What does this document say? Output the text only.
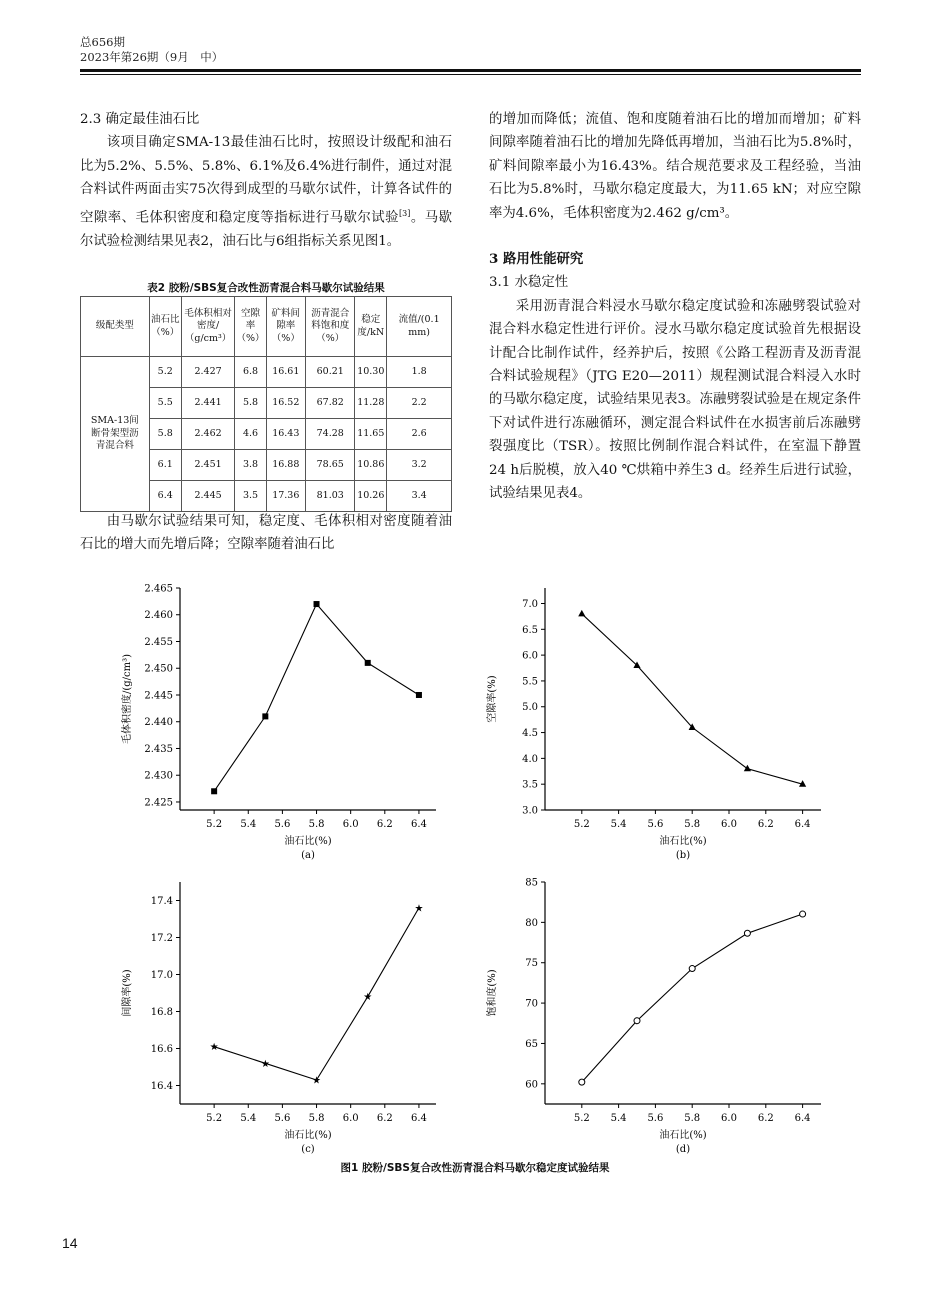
总656期
2023年第26期（9月　中）

2.3 确定最佳油石比

该项目确定SMA-13最佳油石比时，按照设计级配和油石比为5.2%、5.5%、5.8%、6.1%及6.4%进行制件，通过对混合料试件两面击实75次得到成型的马歇尔试件，计算各试件的空隙率、毛体积密度和稳定度等指标进行马歇尔试验[3]。马歇尔试验检测结果见表2，油石比与6组指标关系见图1。

表2 胶粉/SBS复合改性沥青混合料马歇尔试验结果
级配类型	油石比（%）	毛体积相对密度/（g/cm³）	空隙率（%）	矿料间隙率（%）	沥青混合料饱和度（%）	稳定度/kN	流值/(0.1 mm)
SMA-13间断骨架型沥青混合料	5.2	2.427	6.8	16.61	60.21	10.30	1.8
	5.5	2.441	5.8	16.52	67.82	11.28	2.2
	5.8	2.462	4.6	16.43	74.28	11.65	2.6
	6.1	2.451	3.8	16.88	78.65	10.86	3.2
	6.4	2.445	3.5	17.36	81.03	10.26	3.4

由马歇尔试验结果可知，稳定度、毛体积相对密度随着油石比的增大而先增后降；空隙率随着油石比

的增加而降低；流值、饱和度随着油石比的增加而增加；矿料间隙率随着油石比的增加先降低再增加，当油石比为5.8%时，矿料间隙率最小为16.43%。结合规范要求及工程经验，当油石比为5.8%时，马歇尔稳定度最大，为11.65 kN；对应空隙率为4.6%，毛体积密度为2.462 g/cm³。

3 路用性能研究

3.1 水稳定性

采用沥青混合料浸水马歇尔稳定度试验和冻融劈裂试验对混合料水稳定性进行评价。浸水马歇尔稳定度试验首先根据设计配合比制作试件，经养护后，按照《公路工程沥青及沥青混合料试验规程》（JTG E20—2011）规程测试混合料浸入水时的马歇尔稳定度，试验结果见表3。冻融劈裂试验是在规定条件下对试件进行冻融循环，测定混合料试件在水损害前后冻融劈裂强度比（TSR）。按照比例制作混合料试件，在室温下静置24 h后脱模，放入40 ℃烘箱中养生3 d。经养生后进行试验，试验结果见表4。

5.2 5.4 5.6 5.8 6.0 6.2 6.4
2.425
2.430
2.435
2.440
2.445
2.450
2.455
2.460
2.465
油石比(%)
毛体积密度/(g/cm³)
(a)
5.2 5.4 5.6 5.8 6.0 6.2 6.4
3.0
3.5
4.0
4.5
5.0
5.5
6.0
6.5
7.0
油石比(%)
空隙率(%)
(b)
5.2 5.4 5.6 5.8 6.0 6.2 6.4
16.4
16.6
16.8
17.0
17.2
17.4
油石比(%)
间隙率(%)
(c)
★
★
★
★
★
5.2 5.4 5.6 5.8 6.0 6.2 6.4
60
65
70
75
80
85
油石比(%)
饱和度(%)
(d)
图1 胶粉/SBS复合改性沥青混合料马歇尔稳定度试验结果
14
